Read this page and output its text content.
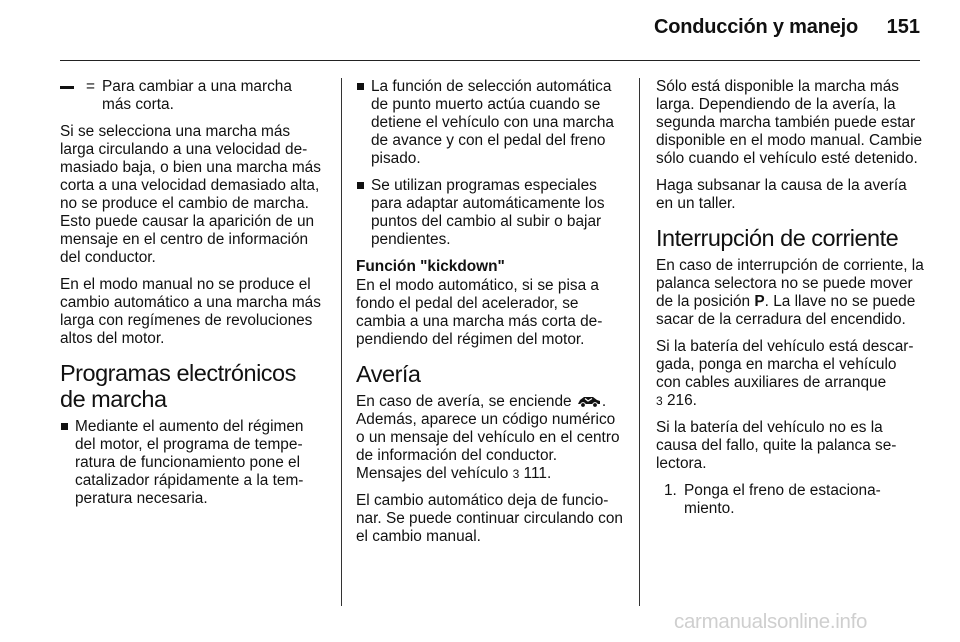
Conducción y manejo 151
= Para cambiar a una marcha más corta.

Si se selecciona una marcha más larga circulando a una velocidad demasiado baja, o bien una marcha más corta a una velocidad demasiado alta, no se produce el cambio de marcha. Esto puede causar la aparición de un mensaje en el centro de información del conductor.

En el modo manual no se produce el cambio automático a una marcha más larga con regímenes de revoluciones altos del motor.

Programas electrónicos de marcha
Mediante el aumento del régimen del motor, el programa de temperatura de funcionamiento pone el catalizador rápidamente a la temperatura necesaria.
La función de selección automática de punto muerto actúa cuando se detiene el vehículo con una marcha de avance y con el pedal del freno pisado.
Se utilizan programas especiales para adaptar automáticamente los puntos del cambio al subir o bajar pendientes.
Función "kickdown"

En el modo automático, si se pisa a fondo el pedal del acelerador, se cambia a una marcha más corta dependiendo del régimen del motor.

Avería

En caso de avería, se enciende . Además, aparece un código numérico o un mensaje del vehículo en el centro de información del conductor. Mensajes del vehículo 3 111.

El cambio automático deja de funcionar. Se puede continuar circulando con el cambio manual.

Sólo está disponible la marcha más larga. Dependiendo de la avería, la segunda marcha también puede estar disponible en el modo manual. Cambie sólo cuando el vehículo esté detenido.

Haga subsanar la causa de la avería en un taller.

Interrupción de corriente

En caso de interrupción de corriente, la palanca selectora no se puede mover de la posición P. La llave no se puede sacar de la cerradura del encendido.

Si la batería del vehículo está descargada, ponga en marcha el vehículo con cables auxiliares de arranque
3 216.

Si la batería del vehículo no es la causa del fallo, quite la palanca selectora.

1. Ponga el freno de estacionamiento.
carmanualsonline.info
